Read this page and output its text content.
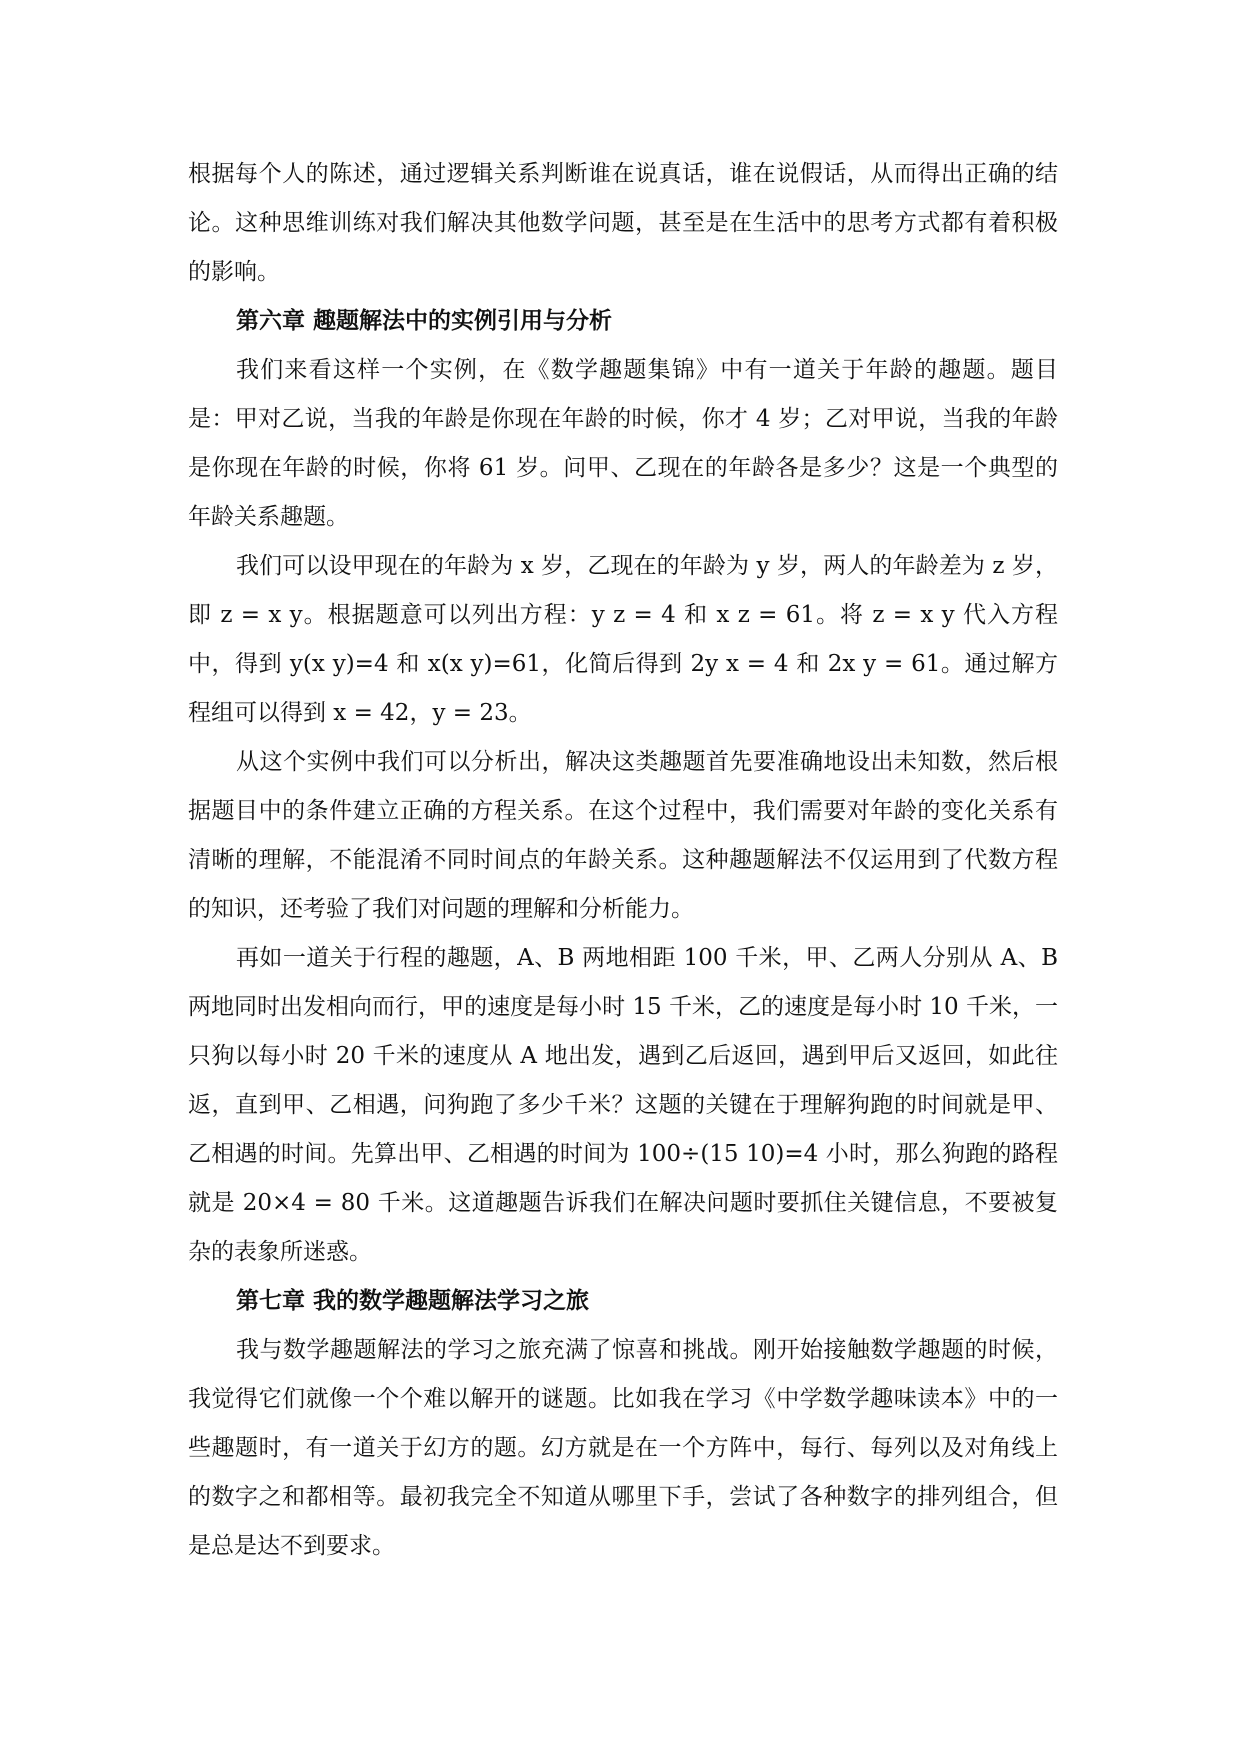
根据每个人的陈述，通过逻辑关系判断谁在说真话，谁在说假话，从而得出正确的结论。这种思维训练对我们解决其他数学问题，甚至是在生活中的思考方式都有着积极的影响。

第六章 趣题解法中的实例引用与分析

我们来看这样一个实例，在《数学趣题集锦》中有一道关于年龄的趣题。题目是：甲对乙说，当我的年龄是你现在年龄的时候，你才 4 岁；乙对甲说，当我的年龄是你现在年龄的时候，你将 61 岁。问甲、乙现在的年龄各是多少？这是一个典型的年龄关系趣题。

我们可以设甲现在的年龄为 x 岁，乙现在的年龄为 y 岁，两人的年龄差为 z 岁，即 z = x y。根据题意可以列出方程：y z = 4 和 x z = 61。将 z = x y 代入方程中，得到 y(x y)=4 和 x(x y)=61，化简后得到 2y x = 4 和 2x y = 61。通过解方程组可以得到 x = 42，y = 23。

从这个实例中我们可以分析出，解决这类趣题首先要准确地设出未知数，然后根据题目中的条件建立正确的方程关系。在这个过程中，我们需要对年龄的变化关系有清晰的理解，不能混淆不同时间点的年龄关系。这种趣题解法不仅运用到了代数方程的知识，还考验了我们对问题的理解和分析能力。

再如一道关于行程的趣题，A、B 两地相距 100 千米，甲、乙两人分别从 A、B 两地同时出发相向而行，甲的速度是每小时 15 千米，乙的速度是每小时 10 千米，一只狗以每小时 20 千米的速度从 A 地出发，遇到乙后返回，遇到甲后又返回，如此往返，直到甲、乙相遇，问狗跑了多少千米？这题的关键在于理解狗跑的时间就是甲、乙相遇的时间。先算出甲、乙相遇的时间为 100÷(15 10)=4 小时，那么狗跑的路程就是 20×4 = 80 千米。这道趣题告诉我们在解决问题时要抓住关键信息，不要被复杂的表象所迷惑。

第七章 我的数学趣题解法学习之旅

我与数学趣题解法的学习之旅充满了惊喜和挑战。刚开始接触数学趣题的时候，我觉得它们就像一个个难以解开的谜题。比如我在学习《中学数学趣味读本》中的一些趣题时，有一道关于幻方的题。幻方就是在一个方阵中，每行、每列以及对角线上的数字之和都相等。最初我完全不知道从哪里下手，尝试了各种数字的排列组合，但是总是达不到要求。
